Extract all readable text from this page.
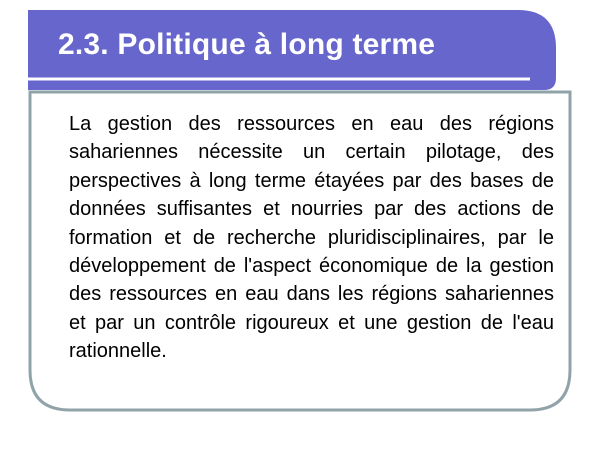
2.3. Politique à long terme
La gestion des ressources en eau des régions sahariennes nécessite un certain pilotage, des perspectives à long terme étayées par des bases de données suffisantes et nourries par des actions de formation et de recherche pluridisciplinaires, par le développement de l'aspect économique de la gestion des ressources en eau dans les régions sahariennes et par un contrôle rigoureux et une gestion de l'eau rationnelle.
